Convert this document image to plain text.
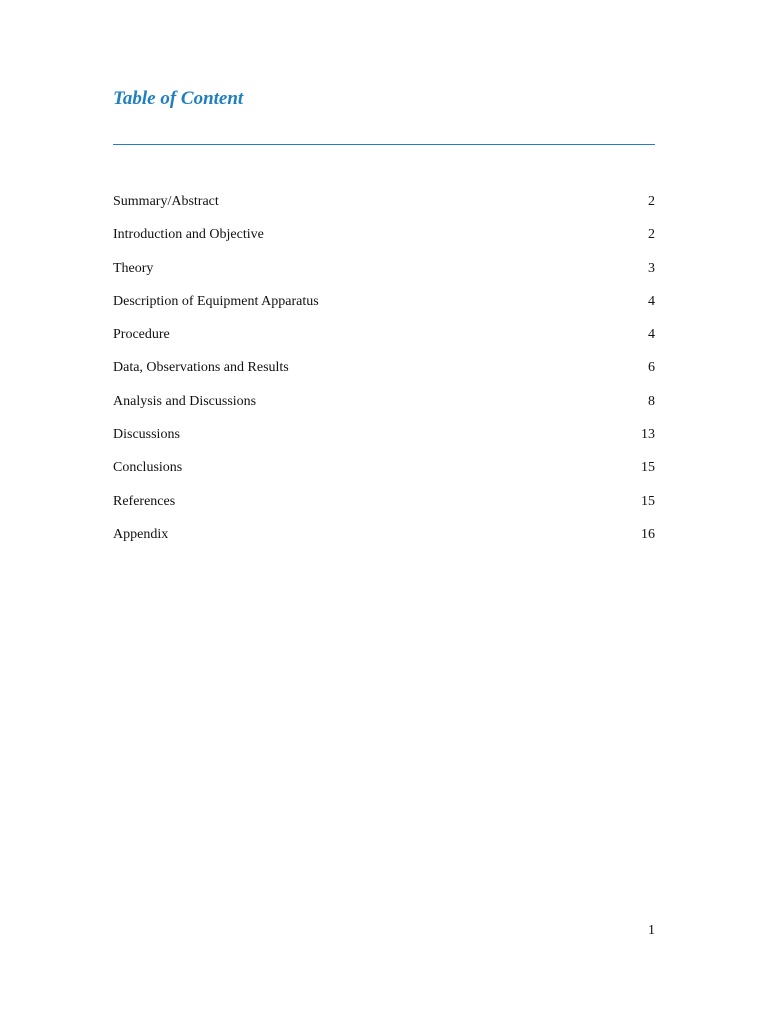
Table of Content
Summary/Abstract	2
Introduction and Objective	2
Theory	3
Description of Equipment Apparatus	4
Procedure	4
Data, Observations and Results	6
Analysis and Discussions	8
Discussions	13
Conclusions	15
References	15
Appendix	16
1
